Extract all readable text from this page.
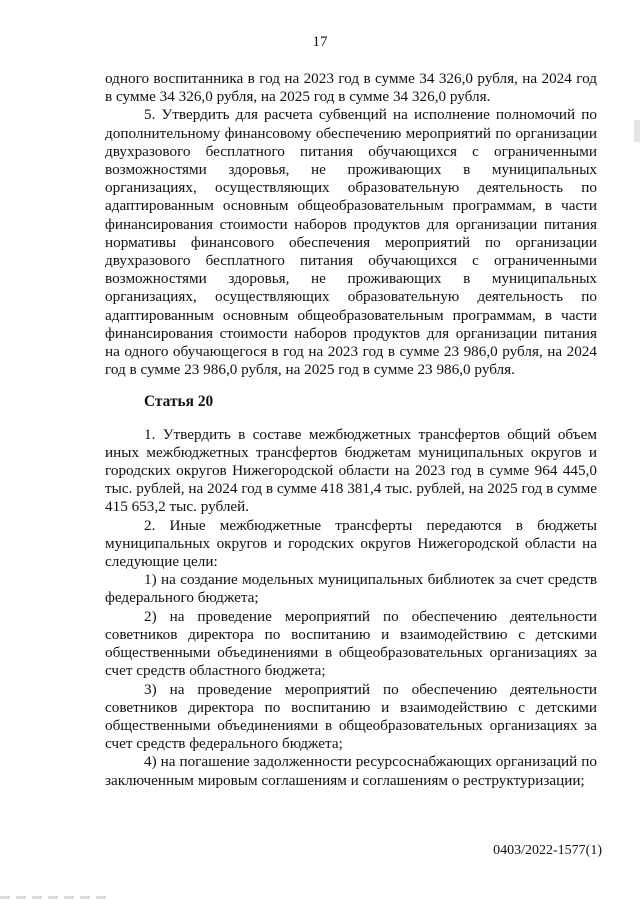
17

одного воспитанника в год на 2023 год в сумме 34 326,0 рубля, на 2024 год в сумме 34 326,0 рубля, на 2025 год в сумме 34 326,0 рубля.

5. Утвердить для расчета субвенций на исполнение полномочий по дополнительному финансовому обеспечению мероприятий по организации двухразового бесплатного питания обучающихся с ограниченными возможностями здоровья, не проживающих в муниципальных организациях, осуществляющих образовательную деятельность по адаптированным основным общеобразовательным программам, в части финансирования стоимости наборов продуктов для организации питания нормативы финансового обеспечения мероприятий по организации двухразового бесплатного питания обучающихся с ограниченными возможностями здоровья, не проживающих в муниципальных организациях, осуществляющих образовательную деятельность по адаптированным основным общеобразовательным программам, в части финансирования стоимости наборов продуктов для организации питания на одного обучающегося в год на 2023 год в сумме 23 986,0 рубля, на 2024 год в сумме 23 986,0 рубля, на 2025 год в сумме 23 986,0 рубля.

Статья 20

1. Утвердить в составе межбюджетных трансфертов общий объем иных межбюджетных трансфертов бюджетам муниципальных округов и городских округов Нижегородской области на 2023 год в сумме 964 445,0 тыс. рублей, на 2024 год в сумме 418 381,4 тыс. рублей, на 2025 год в сумме 415 653,2 тыс. рублей.

2. Иные межбюджетные трансферты передаются в бюджеты муниципальных округов и городских округов Нижегородской области на следующие цели:

1) на создание модельных муниципальных библиотек за счет средств федерального бюджета;

2) на проведение мероприятий по обеспечению деятельности советников директора по воспитанию и взаимодействию с детскими общественными объединениями в общеобразовательных организациях за счет средств областного бюджета;

3) на проведение мероприятий по обеспечению деятельности советников директора по воспитанию и взаимодействию с детскими общественными объединениями в общеобразовательных организациях за счет средств федерального бюджета;

4) на погашение задолженности ресурсоснабжающих организаций по заключенным мировым соглашениям и соглашениям о реструктуризации;

0403/2022-1577(1)
